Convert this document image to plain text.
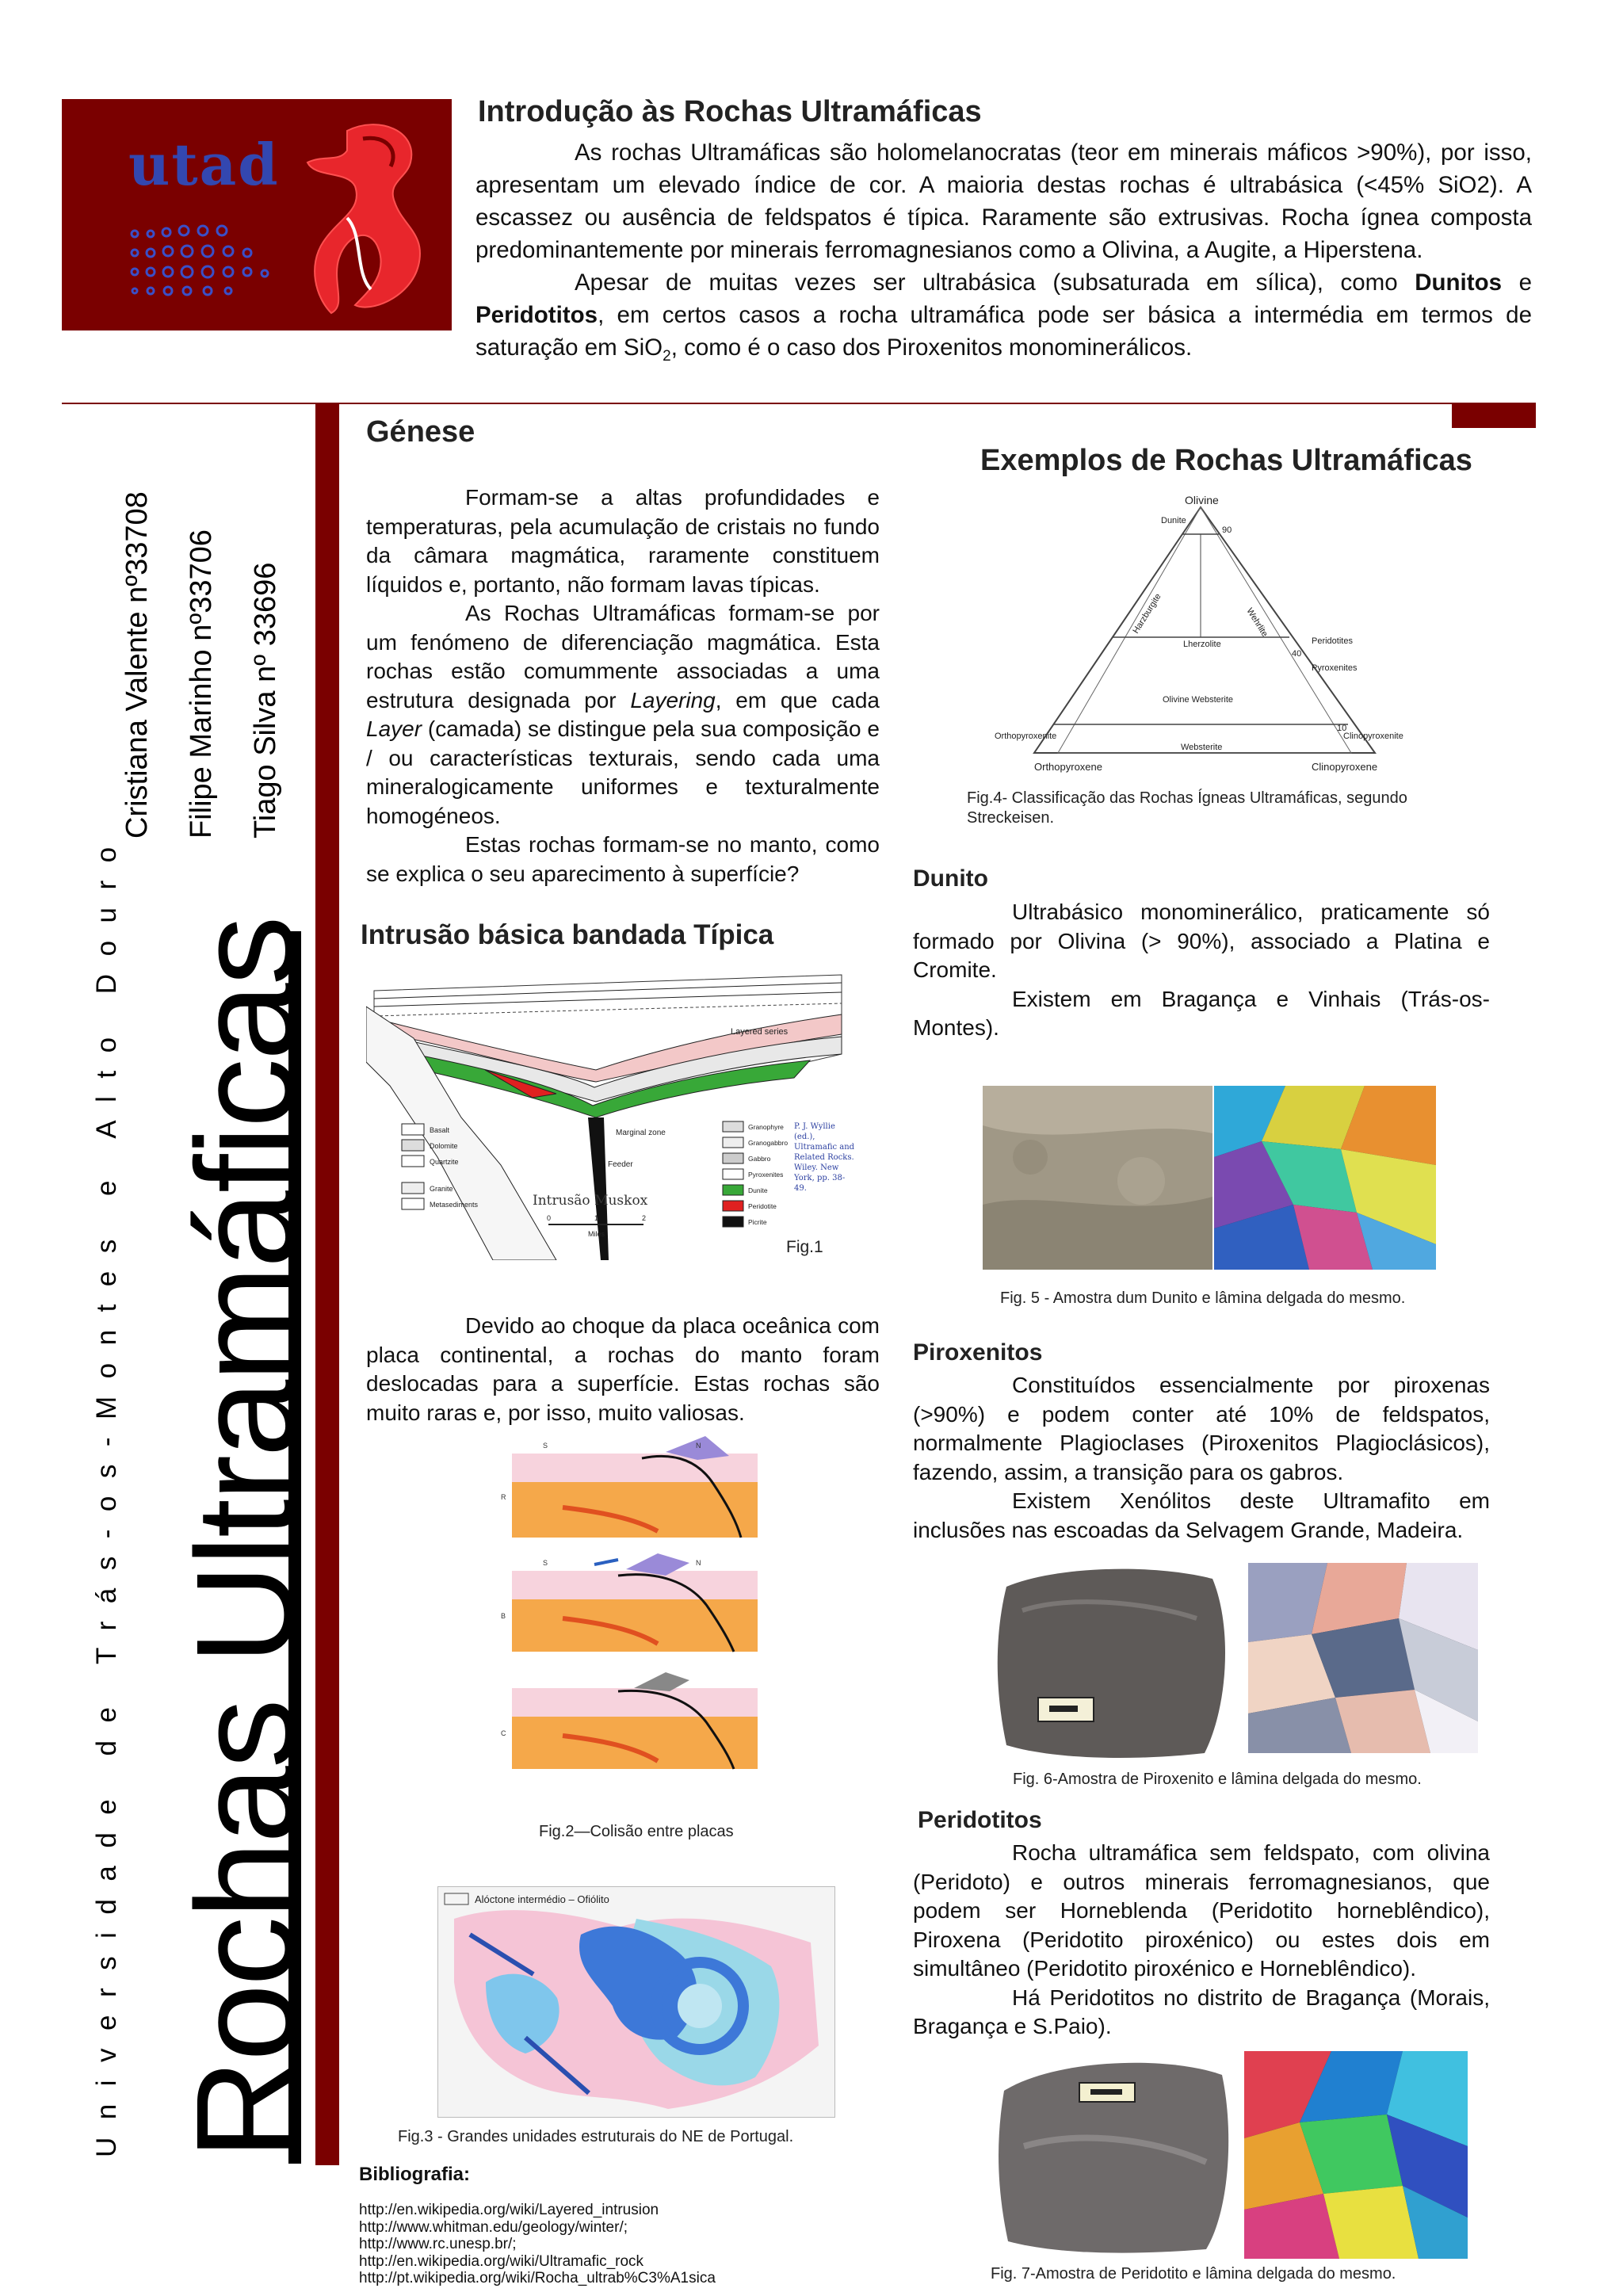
utad
Introdução às Rochas Ultramáficas

As rochas Ultramáficas são holomelanocratas (teor em minerais máficos >90%), por isso, apresentam um elevado índice de cor. A maioria destas rochas é ultrabásica (<45% SiO2). A escassez ou ausência de feldspatos é típica. Raramente são extrusivas. Rocha ígnea composta predominantemente por minerais ferromagnesianos como a Olivina, a Augite, a Hiperstena.

Apesar de muitas vezes ser ultrabásica (subsaturada em sílica), como Dunitos e Peridotitos, em certos casos a rocha ultramáfica pode ser básica a intermédia em termos de saturação em SiO$_2$, como é o caso dos Piroxenitos monominerálicos.

Rochas Ultramáficas
Universidade de Trás-os-Montes e Alto Douro
Cristiana Valente nº33708 Filipe Marinho nº33706 Tiago Silva nº 33696
Génese

Formam-se a altas profundidades e temperaturas, pela acumulação de cristais no fundo da câmara magmática, raramente constituem líquidos e, portanto, não formam lavas típicas.

As Rochas Ultramáficas formam-se por um fenómeno de diferenciação magmática. Esta rochas estão comummente associadas a uma estrutura designada por Layering, em que cada Layer (camada) se distingue pela sua composição e / ou características texturais, sendo cada uma mineralogicamente uniformes e texturalmente homogéneos.

Estas rochas formam-se no manto, como se explica o seu aparecimento à superfície?

Intrusão básica bandada Típica
Layered series
Marginal zone
Feeder
Basalt
Dolomite
Quartzite
Granite
Metasediments	Intrusão Muskox
0	1	2
Miles
Granophyre
Granogabbro
Gabbro
Pyroxenites
Dunite
Peridotite
Picrite
P. J. Wyllie (ed.), Ultramafic and Related Rocks. Wiley. New York, pp. 38-49.
Fig.1

Devido ao choque da placa oceânica com placa continental, a rochas do manto foram deslocadas para a superfície. Estas rochas são muito raras e, por isso, muito valiosas.

S	N
R
S	N
B
C
Fig.2—Colisão entre placas
Alóctone intermédio – Ofiólito
Fig.3 - Grandes unidades estruturais do NE de Portugal.
Bibliografia:
http://en.wikipedia.org/wiki/Layered_intrusion
http://www.whitman.edu/geology/winter/;
http://www.rc.unesp.br/;
http://en.wikipedia.org/wiki/Ultramafic_rock
http://pt.wikipedia.org/wiki/Rocha_ultrab%C3%A1sica
Exemplos de Rochas Ultramáficas
Olivine
Dunite
90
Harzburgite	Wehrlite
Lherzolite	Peridotites
Pyroxenites
40
Olivine Websterite
10
Orthopyroxenite	Clinopyroxenite
Websterite
Orthopyroxene	Clinopyroxene
Fig.4- Classificação das Rochas Ígneas Ultramáficas, segundo Streckeisen.
Dunito

Ultrabásico monominerálico, praticamente só formado por Olivina (> 90%), associado a Platina e Cromite.

Existem em Bragança e Vinhais (Trás-os-Montes).

Fig. 5 - Amostra dum Dunito e lâmina delgada do mesmo.
Piroxenitos

Constituídos essencialmente por piroxenas (>90%) e podem conter até 10% de feldspatos, normalmente Plagioclases (Piroxenitos Plagioclásicos), fazendo, assim, a transição para os gabros.

Existem Xenólitos deste Ultramafito em inclusões nas escoadas da Selvagem Grande, Madeira.

Fig. 6-Amostra de Piroxenito e lâmina delgada do mesmo.
Peridotitos

Rocha ultramáfica sem feldspato, com olivina (Peridoto) e outros minerais ferromagnesianos, que podem ser Horneblenda (Peridotito horneblêndico), Piroxena (Peridotito piroxénico) ou estes dois em simultâneo (Peridotito piroxénico e Horneblêndico).

Há Peridotitos no distrito de Bragança (Morais, Bragança e S.Paio).

Fig. 7-Amostra de Peridotito e lâmina delgada do mesmo.
